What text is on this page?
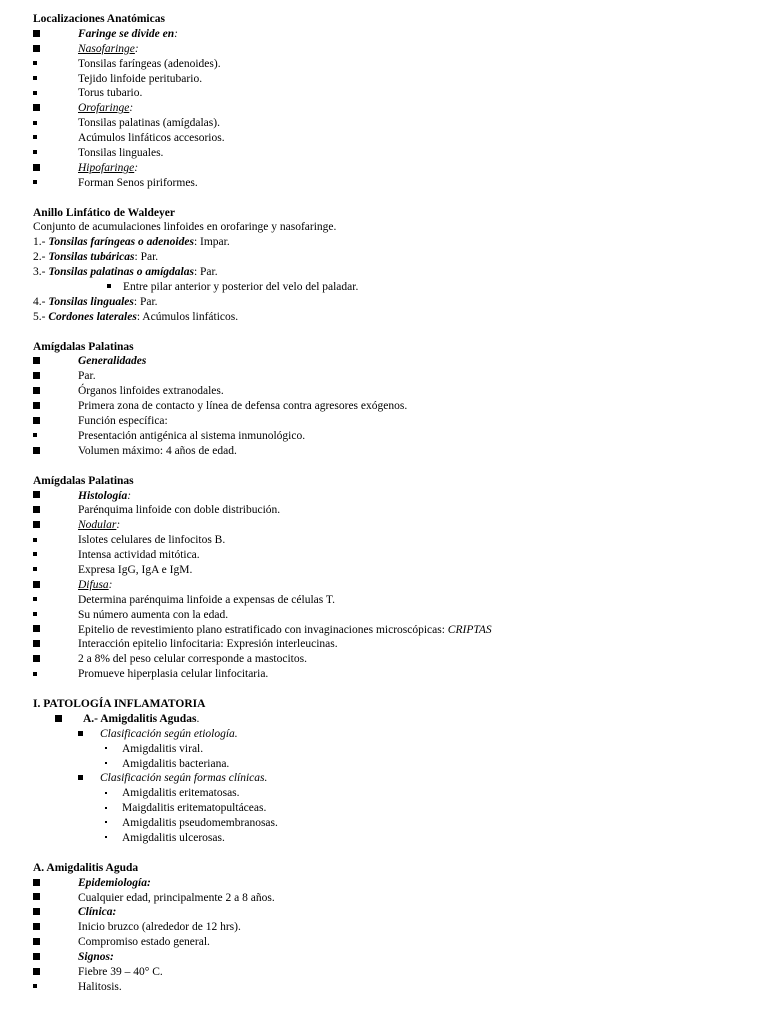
Localizaciones Anatómicas
Faringe se divide en:
Nasofaringe:
Tonsilas faríngeas (adenoides).
Tejido linfoide peritubario.
Torus tubario.
Orofaringe:
Tonsilas palatinas (amígdalas).
Acúmulos linfáticos accesorios.
Tonsilas linguales.
Hipofaringe:
Forman Senos piriformes.
Anillo Linfático de Waldeyer
Conjunto de acumulaciones linfoides en orofaringe y nasofaringe.
1.- Tonsilas faríngeas o adenoides: Impar.
2.- Tonsilas tubáricas: Par.
3.- Tonsilas palatinas o amígdalas: Par.
Entre pilar anterior y posterior del velo del paladar.
4.- Tonsilas linguales: Par.
5.- Cordones laterales: Acúmulos linfáticos.
Amígdalas Palatinas
Generalidades
Par.
Órganos linfoides extranodales.
Primera zona de contacto y línea de defensa contra agresores exógenos.
Función específica:
Presentación antigénica al sistema inmunológico.
Volumen máximo: 4 años de edad.
Amígdalas Palatinas
Histología:
Parénquima linfoide con doble distribución.
Nodular:
Islotes celulares de linfocitos B.
Intensa actividad mitótica.
Expresa IgG, IgA e IgM.
Difusa:
Determina parénquima linfoide a expensas de células T.
Su número aumenta con la edad.
Epitelio de revestimiento plano estratificado con invaginaciones microscópicas: CRIPTAS
Interacción epitelio linfocitaria: Expresión interleucinas.
2 a 8% del peso celular corresponde a mastocitos.
Promueve hiperplasia celular linfocitaria.
I. PATOLOGÍA INFLAMATORIA
A.- Amigdalitis Agudas.
Clasificación según etiología.
Amigdalitis viral.
Amigdalitis bacteriana.
Clasificación según formas clínicas.
Amigdalitis eritematosas.
Maigdalitis eritematopultáceas.
Amigdalitis pseudomembranosas.
Amigdalitis ulcerosas.
A. Amigdalitis Aguda
Epidemiología:
Cualquier edad, principalmente 2 a 8 años.
Clínica:
Inicio bruzco (alrededor de 12 hrs).
Compromiso estado general.
Signos:
Fiebre 39 – 40° C.
Halitosis.
